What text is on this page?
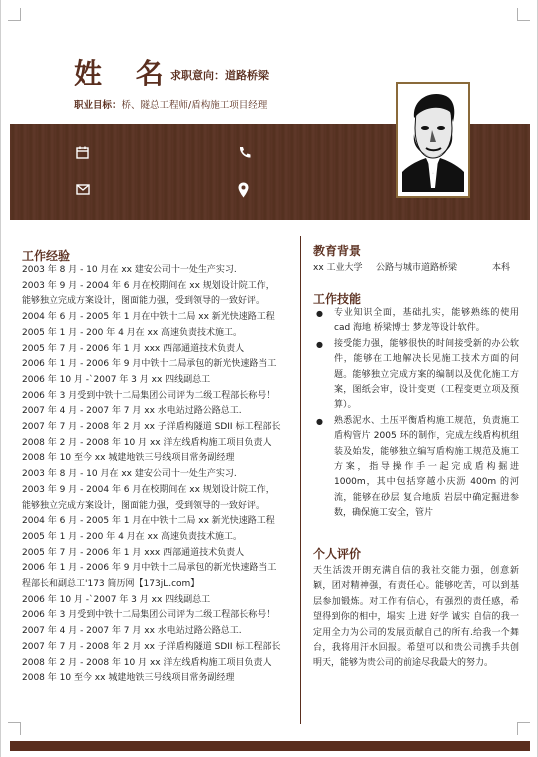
姓 名
求职意向：道路桥梁
职业目标：桥、隧总工程师/盾构施工项目经理
工作经验
2003 年 8 月 - 10 月在 xx 建安公司十一处生产实习.
2003 年 9 月 - 2004 年 6 月在校期间在 xx 规划设计院工作，
能够独立完成方案设计，图面能力强，受到领导的一致好评。
2004 年 6 月 - 2005 年 1 月在中铁十二局 xx 新光快速路工程
2005 年 1 月 - 200 年 4 月在 xx 高速负责技术施工。
2005 年 7 月 - 2006 年 1 月 xxx 西部通道技术负责人
2006 年 1 月 - 2006 年 9 月中铁十二局承包的新光快速路当工
2006 年 10 月 -`2007 年 3 月 xx 四线副总工
2006 年 3 月受到中铁十二局集团公司评为二级工程部长称号！
2007 年 4 月 - 2007 年 7 月 xx 水电站过路公路总工.
2007 年 7 月 - 2008 年 2 月 xx 子洋盾构隧道 SDII 标工程部长
2008 年 2 月 - 2008 年 10 月 xx 洋左线盾构施工项目负责人
2008 年 10 至今 xx 城建地铁三号线项目常务副经理
2003 年 8 月 - 10 月在 xx 建安公司十一处生产实习.
2003 年 9 月 - 2004 年 6 月在校期间在 xx 规划设计院工作，
能够独立完成方案设计，图面能力强，受到领导的一致好评。
2004 年 6 月 - 2005 年 1 月在中铁十二局 xx 新光快速路工程
2005 年 1 月 - 200 年 4 月在 xx 高速负责技术施工。
2005 年 7 月 - 2006 年 1 月 xxx 西部通道技术负责人
2006 年 1 月 - 2006 年 9 月中铁十二局承包的新光快速路当工
程部长和副总工'173 简历网【173jL.com】
2006 年 10 月 -`2007 年 3 月 xx 四线副总工
2006 年 3 月受到中铁十二局集团公司评为二级工程部长称号！
2007 年 4 月 - 2007 年 7 月 xx 水电站过路公路总工.
2007 年 7 月 - 2008 年 2 月 xx 子洋盾构隧道 SDII 标工程部长
2008 年 2 月 - 2008 年 10 月 xx 洋左线盾构施工项目负责人
2008 年 10 至今 xx 城建地铁三号线项目常务副经理
教育背景
xx 工业大学 公路与城市道路桥梁	本科
工作技能
● 专业知识全面，基础扎实，能够熟练的使用 cad 海地 桥梁博士 梦龙等设计软件。
● 接受能力强，能够很快的时间接受新的办公软件，能够在工地解决长见施工技术方面的问题。能够独立完成方案的编制以及优化施工方案，图纸会审，设计变更（工程变更立项及预算）。
● 熟悉泥水、土压平衡盾构施工规范，负责施工盾构管片 2005 环的制作，完成左线盾构机组装及始发，能够独立编写盾构施工规范及施工方案，指导操作手一起完成盾构掘进 1000m，其中包括穿越小庆沥 400m 的河流，能够在砂层 复合地质 岩层中确定掘进参数，确保施工安全，管片
个人评价
天生活泼开朗充满自信的我社交能力强，创意新颖，团对精神强，有责任心。能够吃苦，可以到基层参加锻炼。对工作有信心，有强烈的责任感，希望得到你的相中，塌实 上进 好学 诚实 自信的我一定用全力为公司的发展贡献自己的所有.给我一个舞台，我将用汗水回报。希望可以和贵公司携手共创明天，能够为贵公司的前途尽我最大的努力。
